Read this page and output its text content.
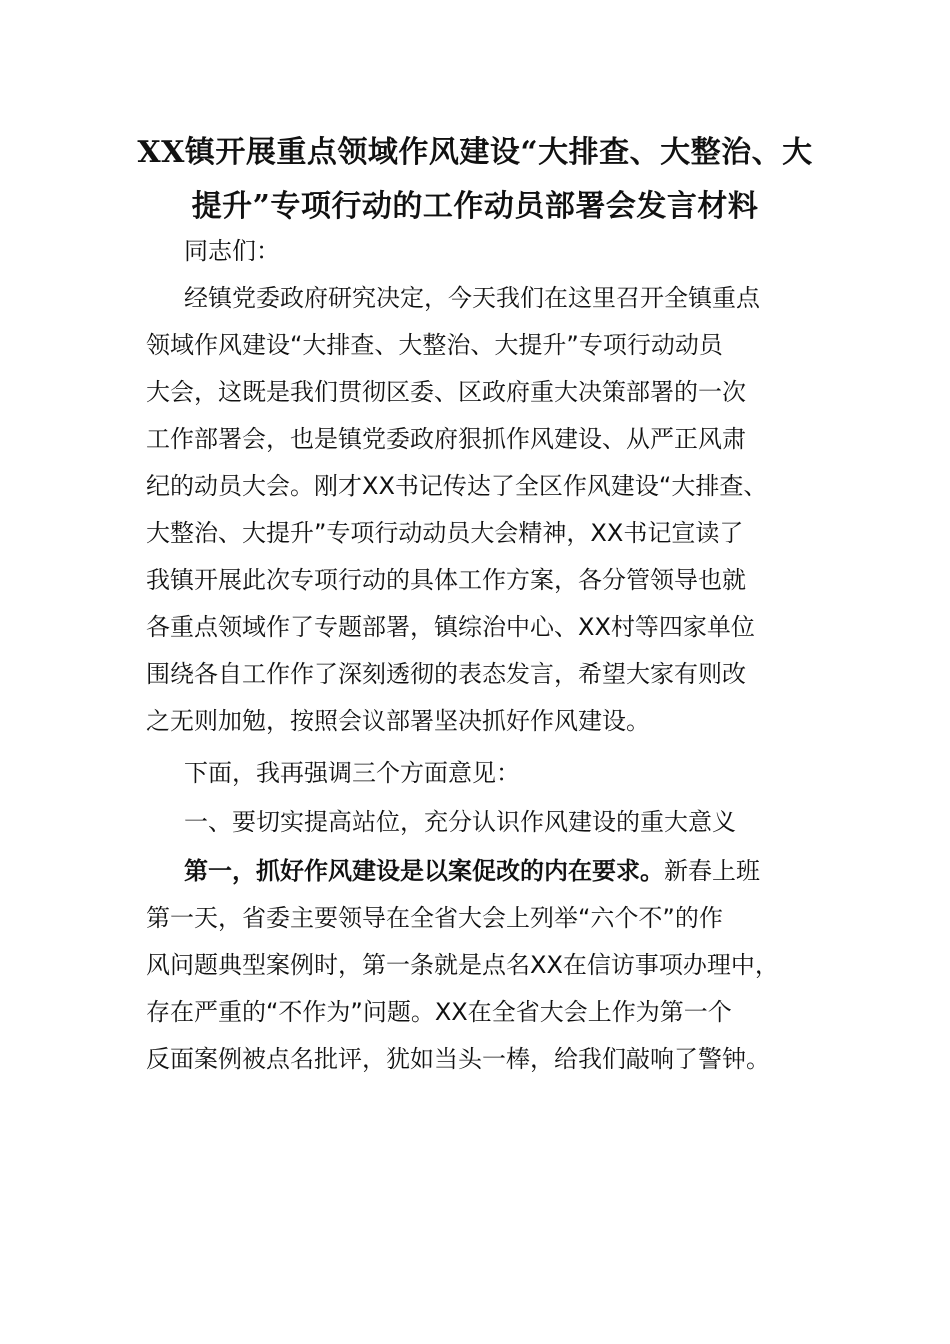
XX镇开展重点领域作风建设“大排查、大整治、大
提升”专项行动的工作动员部署会发言材料
同志们：
经镇党委政府研究决定，今天我们在这里召开全镇重点
领域作风建设“大排查、大整治、大提升”专项行动动员
大会，这既是我们贯彻区委、区政府重大决策部署的一次
工作部署会，也是镇党委政府狠抓作风建设、从严正风肃
纪的动员大会。刚才XX书记传达了全区作风建设“大排查、
大整治、大提升”专项行动动员大会精神，XX书记宣读了
我镇开展此次专项行动的具体工作方案，各分管领导也就
各重点领域作了专题部署，镇综治中心、XX村等四家单位
围绕各自工作作了深刻透彻的表态发言，希望大家有则改
之无则加勉，按照会议部署坚决抓好作风建设。
下面，我再强调三个方面意见：
一、要切实提高站位，充分认识作风建设的重大意义
第一，抓好作风建设是以案促改的内在要求。新春上班
第一天，省委主要领导在全省大会上列举“六个不”的作
风问题典型案例时，第一条就是点名XX在信访事项办理中，
存在严重的“不作为”问题。XX在全省大会上作为第一个
反面案例被点名批评，犹如当头一棒，给我们敲响了警钟。
